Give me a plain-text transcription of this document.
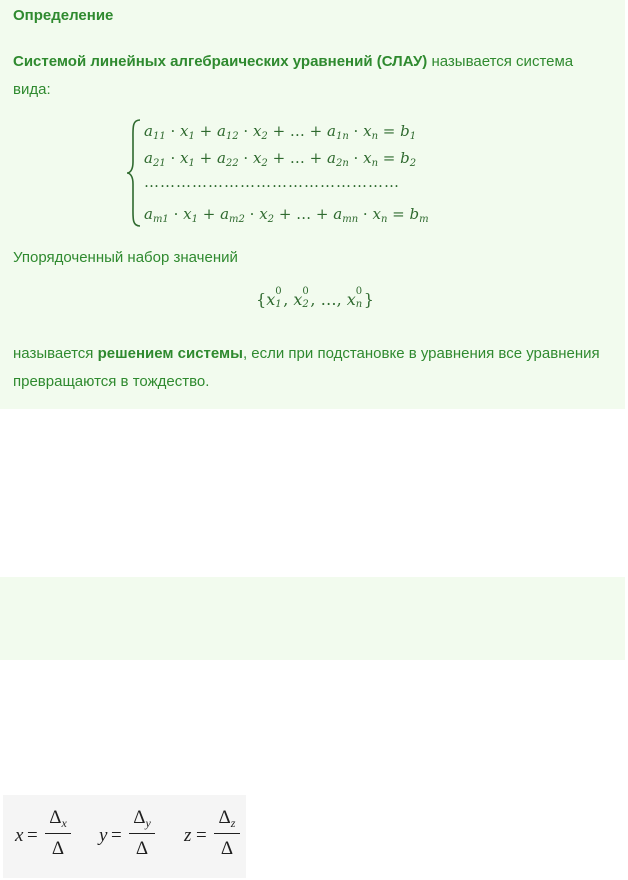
Определение
Системой линейных алгебраических уравнений (СЛАУ) называется система вида:
$a_{11} \cdot x_1 + a_{12} \cdot x_2$ + … + $a_{1n} \cdot x_n = b_1$
$a_{21} \cdot x_1 + a_{22} \cdot x_2$ + … + $a_{2n} \cdot x_n = b_2$
…………………………………………
$a_{m1} \cdot x_1 + a_{m2} \cdot x_2$ + … + $a_{mn} \cdot x_n = b_m$
Упорядоченный набор значений
{x 0
1 , x 0
2 , …, x 0
n }
называется решением системы, если при подстановке в уравнения все уравнения превращаются в тождество.
x =
$\Delta_x$
Δ
y =
$\Delta_y$
Δ
z =
$\Delta_z$
Δ
